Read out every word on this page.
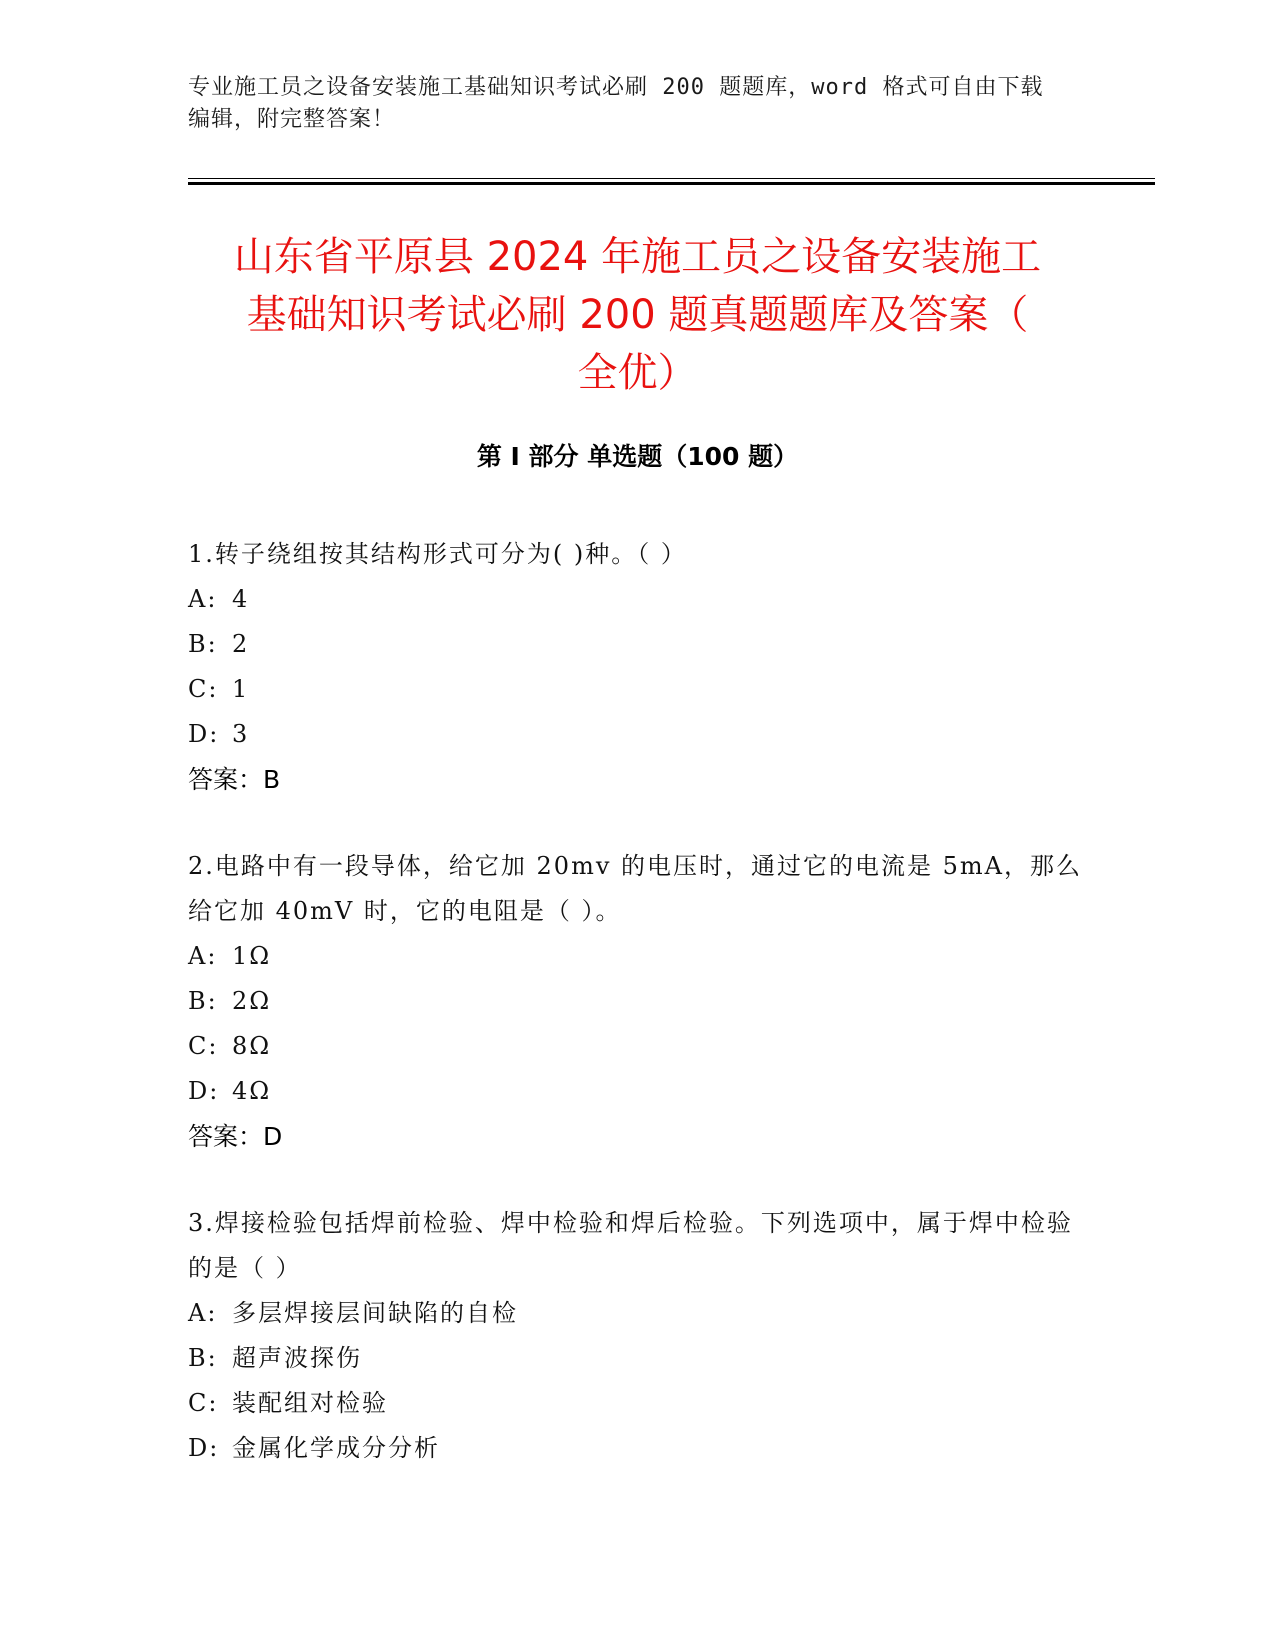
专业施工员之设备安装施工基础知识考试必刷 200 题题库，word 格式可自由下载
编辑，附完整答案！
山东省平原县 2024 年施工员之设备安装施工
基础知识考试必刷 200 题真题题库及答案（
全优）
第 I 部分 单选题（100 题）
1.转子绕组按其结构形式可分为( )种。（ ）
A: 4
B: 2
C: 1
D: 3
答案：B
2.电路中有一段导体，给它加 20mv 的电压时，通过它的电流是 5mA，那么给它加 40mV 时，它的电阻是（ ）。
A: 1Ω
B: 2Ω
C: 8Ω
D: 4Ω
答案：D
3.焊接检验包括焊前检验、焊中检验和焊后检验。下列选项中，属于焊中检验的是（ ）
A: 多层焊接层间缺陷的自检
B: 超声波探伤
C: 装配组对检验
D: 金属化学成分分析
